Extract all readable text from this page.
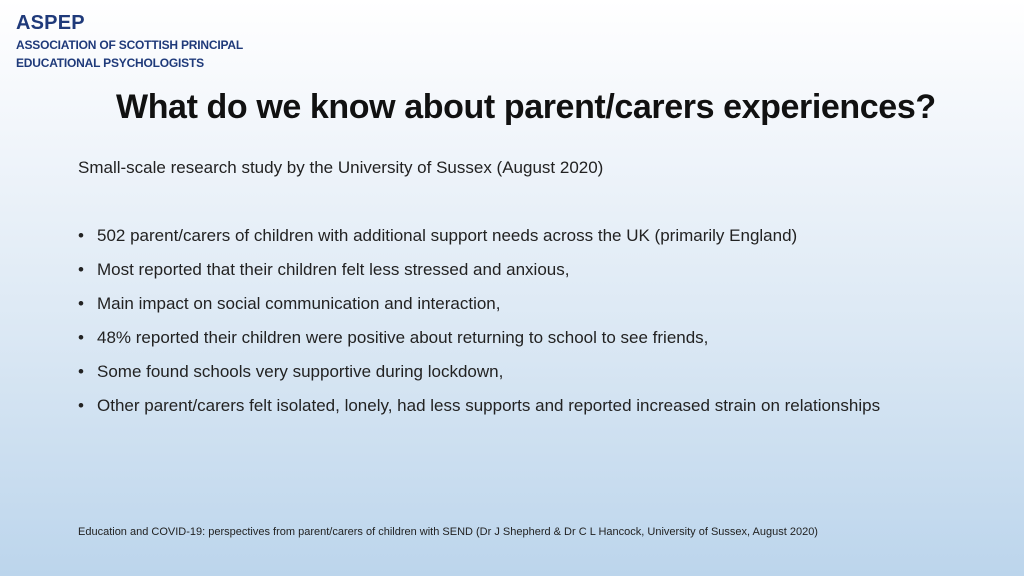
ASPEP
ASSOCIATION OF SCOTTISH PRINCIPAL
EDUCATIONAL PSYCHOLOGISTS
What do we know about parent/carers experiences?
Small-scale research study by the University of Sussex (August 2020)
• 502 parent/carers of children with additional support needs across the UK (primarily England)
• Most reported that their children felt less stressed and anxious,
• Main impact on social communication and interaction,
• 48% reported their children were positive about returning to school to see friends,
• Some found schools very supportive during lockdown,
• Other parent/carers felt isolated, lonely, had less supports and reported increased strain on relationships
Education and COVID-19: perspectives from parent/carers of children with SEND (Dr J Shepherd & Dr C L Hancock, University of Sussex, August 2020)
